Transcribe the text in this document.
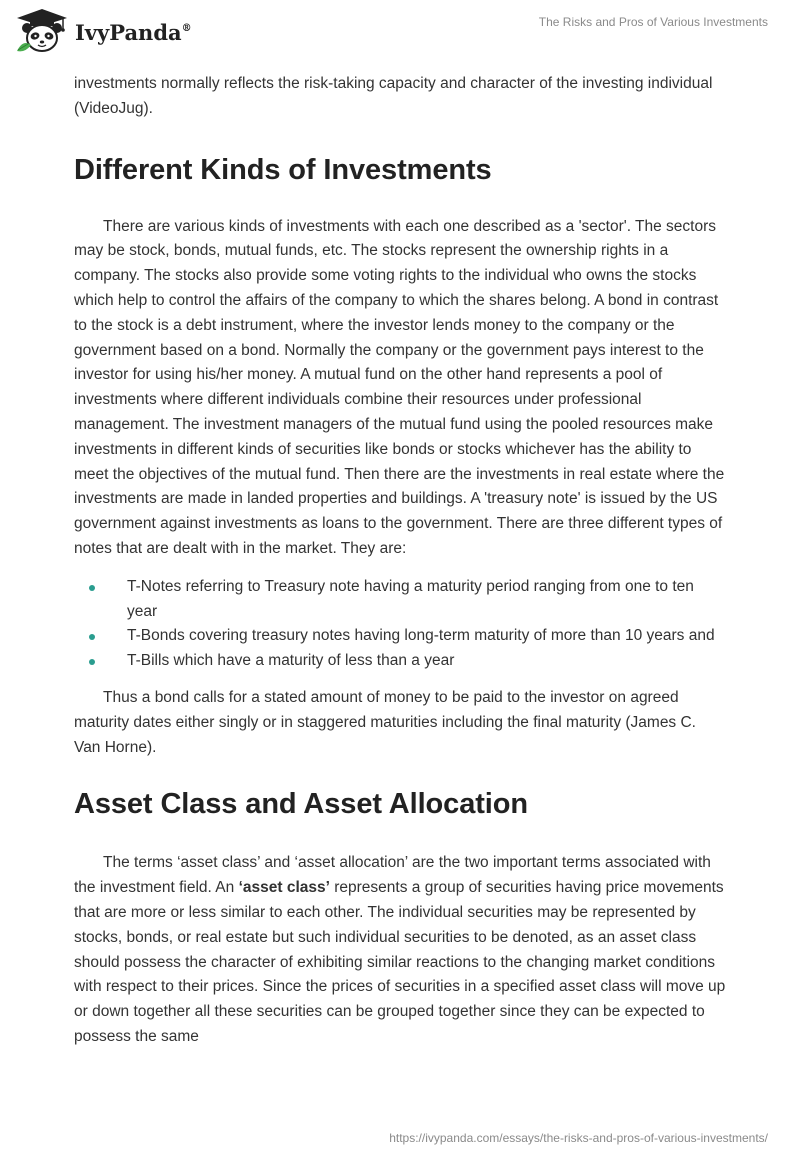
IvyPanda®	The Risks and Pros of Various Investments

investments normally reflects the risk-taking capacity and character of the investing individual (VideoJug).

Different Kinds of Investments

There are various kinds of investments with each one described as a 'sector'. The sectors may be stock, bonds, mutual funds, etc. The stocks represent the ownership rights in a company. The stocks also provide some voting rights to the individual who owns the stocks which help to control the affairs of the company to which the shares belong. A bond in contrast to the stock is a debt instrument, where the investor lends money to the company or the government based on a bond. Normally the company or the government pays interest to the investor for using his/her money. A mutual fund on the other hand represents a pool of investments where different individuals combine their resources under professional management. The investment managers of the mutual fund using the pooled resources make investments in different kinds of securities like bonds or stocks whichever has the ability to meet the objectives of the mutual fund. Then there are the investments in real estate where the investments are made in landed properties and buildings. A 'treasury note' is issued by the US government against investments as loans to the government. There are three different types of notes that are dealt with in the market. They are:

T-Notes referring to Treasury note having a maturity period ranging from one to ten year
T-Bonds covering treasury notes having long-term maturity of more than 10 years and
T-Bills which have a maturity of less than a year

Thus a bond calls for a stated amount of money to be paid to the investor on agreed maturity dates either singly or in staggered maturities including the final maturity (James C. Van Horne).

Asset Class and Asset Allocation

The terms ‘asset class’ and ‘asset allocation’ are the two important terms associated with the investment field. An ‘asset class’ represents a group of securities having price movements that are more or less similar to each other. The individual securities may be represented by stocks, bonds, or real estate but such individual securities to be denoted, as an asset class should possess the character of exhibiting similar reactions to the changing market conditions with respect to their prices. Since the prices of securities in a specified asset class will move up or down together all these securities can be grouped together since they can be expected to possess the same

https://ivypanda.com/essays/the-risks-and-pros-of-various-investments/
